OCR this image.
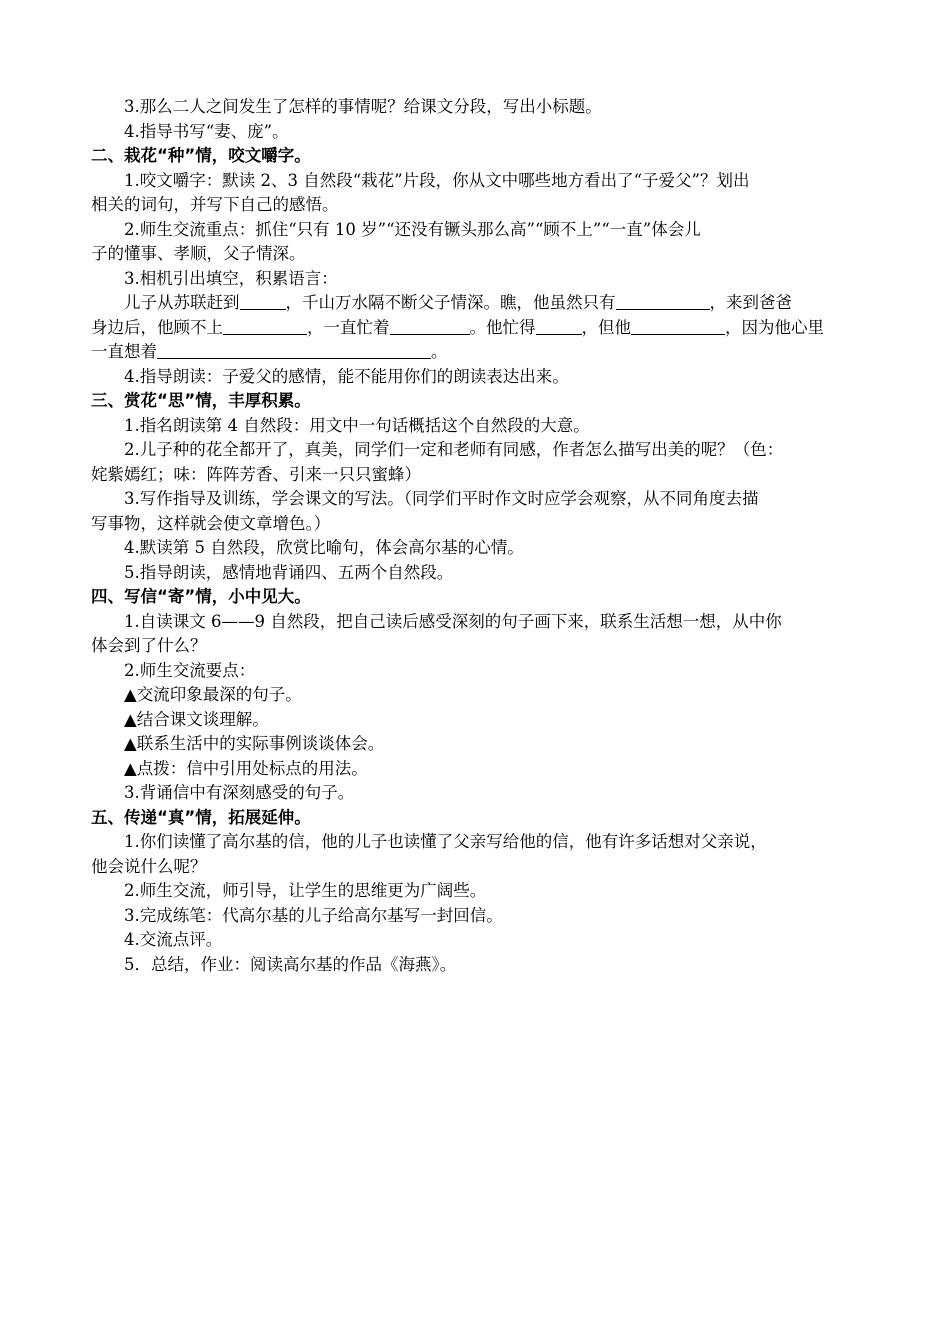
3.那么二人之间发生了怎样的事情呢？给课文分段，写出小标题。
4.指导书写“妻、庞”。
二、栽花“种”情，咬文嚼字。
1.咬文嚼字：默读 2、3 自然段“栽花”片段，你从文中哪些地方看出了“子爱父”？划出
相关的词句，并写下自己的感悟。
2.师生交流重点：抓住“只有 10 岁”“还没有镢头那么高”“顾不上”“一直”体会儿
子的懂事、孝顺，父子情深。
3.相机引出填空，积累语言：
儿子从苏联赶到	，千山万水隔不断父子情深。瞧，他虽然只有	，来到爸爸
身边后，他顾不上	，一直忙着	。他忙得	，但他	，因为他心里
一直想着	。
4.指导朗读：子爱父的感情，能不能用你们的朗读表达出来。
三、赏花“思”情，丰厚积累。
1.指名朗读第 4 自然段：用文中一句话概括这个自然段的大意。
2.儿子种的花全都开了，真美，同学们一定和老师有同感，作者怎么描写出美的呢？（色：
姹紫嫣红；味：阵阵芳香、引来一只只蜜蜂）
3.写作指导及训练，学会课文的写法。（同学们平时作文时应学会观察，从不同角度去描
写事物，这样就会使文章增色。）
4.默读第 5 自然段，欣赏比喻句，体会高尔基的心情。
5.指导朗读，感情地背诵四、五两个自然段。
四、写信“寄”情，小中见大。
1.自读课文 6——9 自然段，把自己读后感受深刻的句子画下来，联系生活想一想，从中你
体会到了什么？
2.师生交流要点：
▲交流印象最深的句子。
▲结合课文谈理解。
▲联系生活中的实际事例谈谈体会。
▲点拨：信中引用处标点的用法。
3.背诵信中有深刻感受的句子。
五、传递“真”情，拓展延伸。
1.你们读懂了高尔基的信，他的儿子也读懂了父亲写给他的信，他有许多话想对父亲说，
他会说什么呢？
2.师生交流，师引导，让学生的思维更为广阔些。
3.完成练笔：代高尔基的儿子给高尔基写一封回信。
4.交流点评。
5．总结，作业：阅读高尔基的作品《海燕》。
